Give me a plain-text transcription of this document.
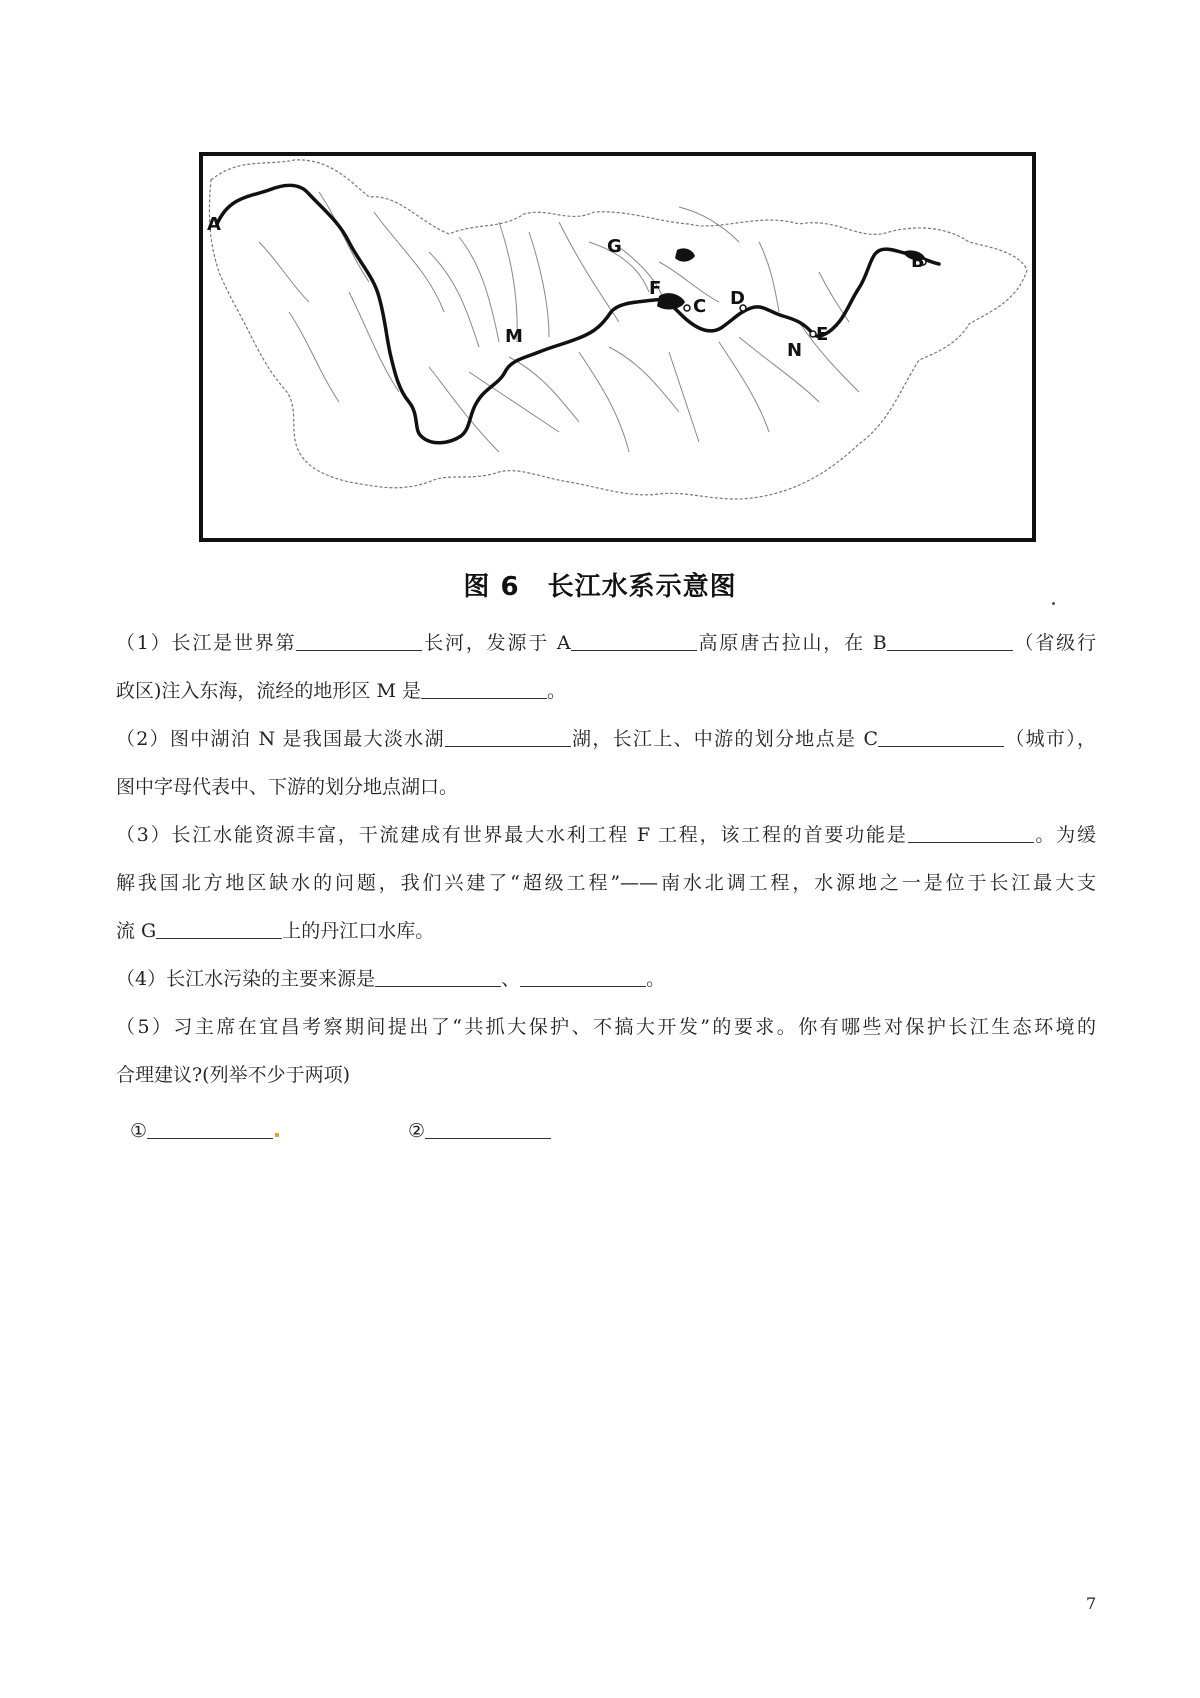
A
B
C D
E
F
G
M
N
图 6 长江水系示意图
（1）长江是世界第	长河，发源于 A	高原唐古拉山，在 B	（省级行
政区)注入东海，流经的地形区 M 是	。
（2）图中湖泊 N 是我国最大淡水湖	湖，长江上、中游的划分地点是 C	（城市），
图中字母代表中、下游的划分地点湖口。
（3）长江水能资源丰富，干流建成有世界最大水利工程 F 工程，该工程的首要功能是	。为缓
解我国北方地区缺水的问题，我们兴建了“超级工程”——南水北调工程，水源地之一是位于长江最大支
流 G	上的丹江口水库。
（4）长江水污染的主要来源是	、	。
（5）习主席在宜昌考察期间提出了“共抓大保护、不搞大开发”的要求。你有哪些对保护长江生态环境的
合理建议?(列举不少于两项)
①	②
7
